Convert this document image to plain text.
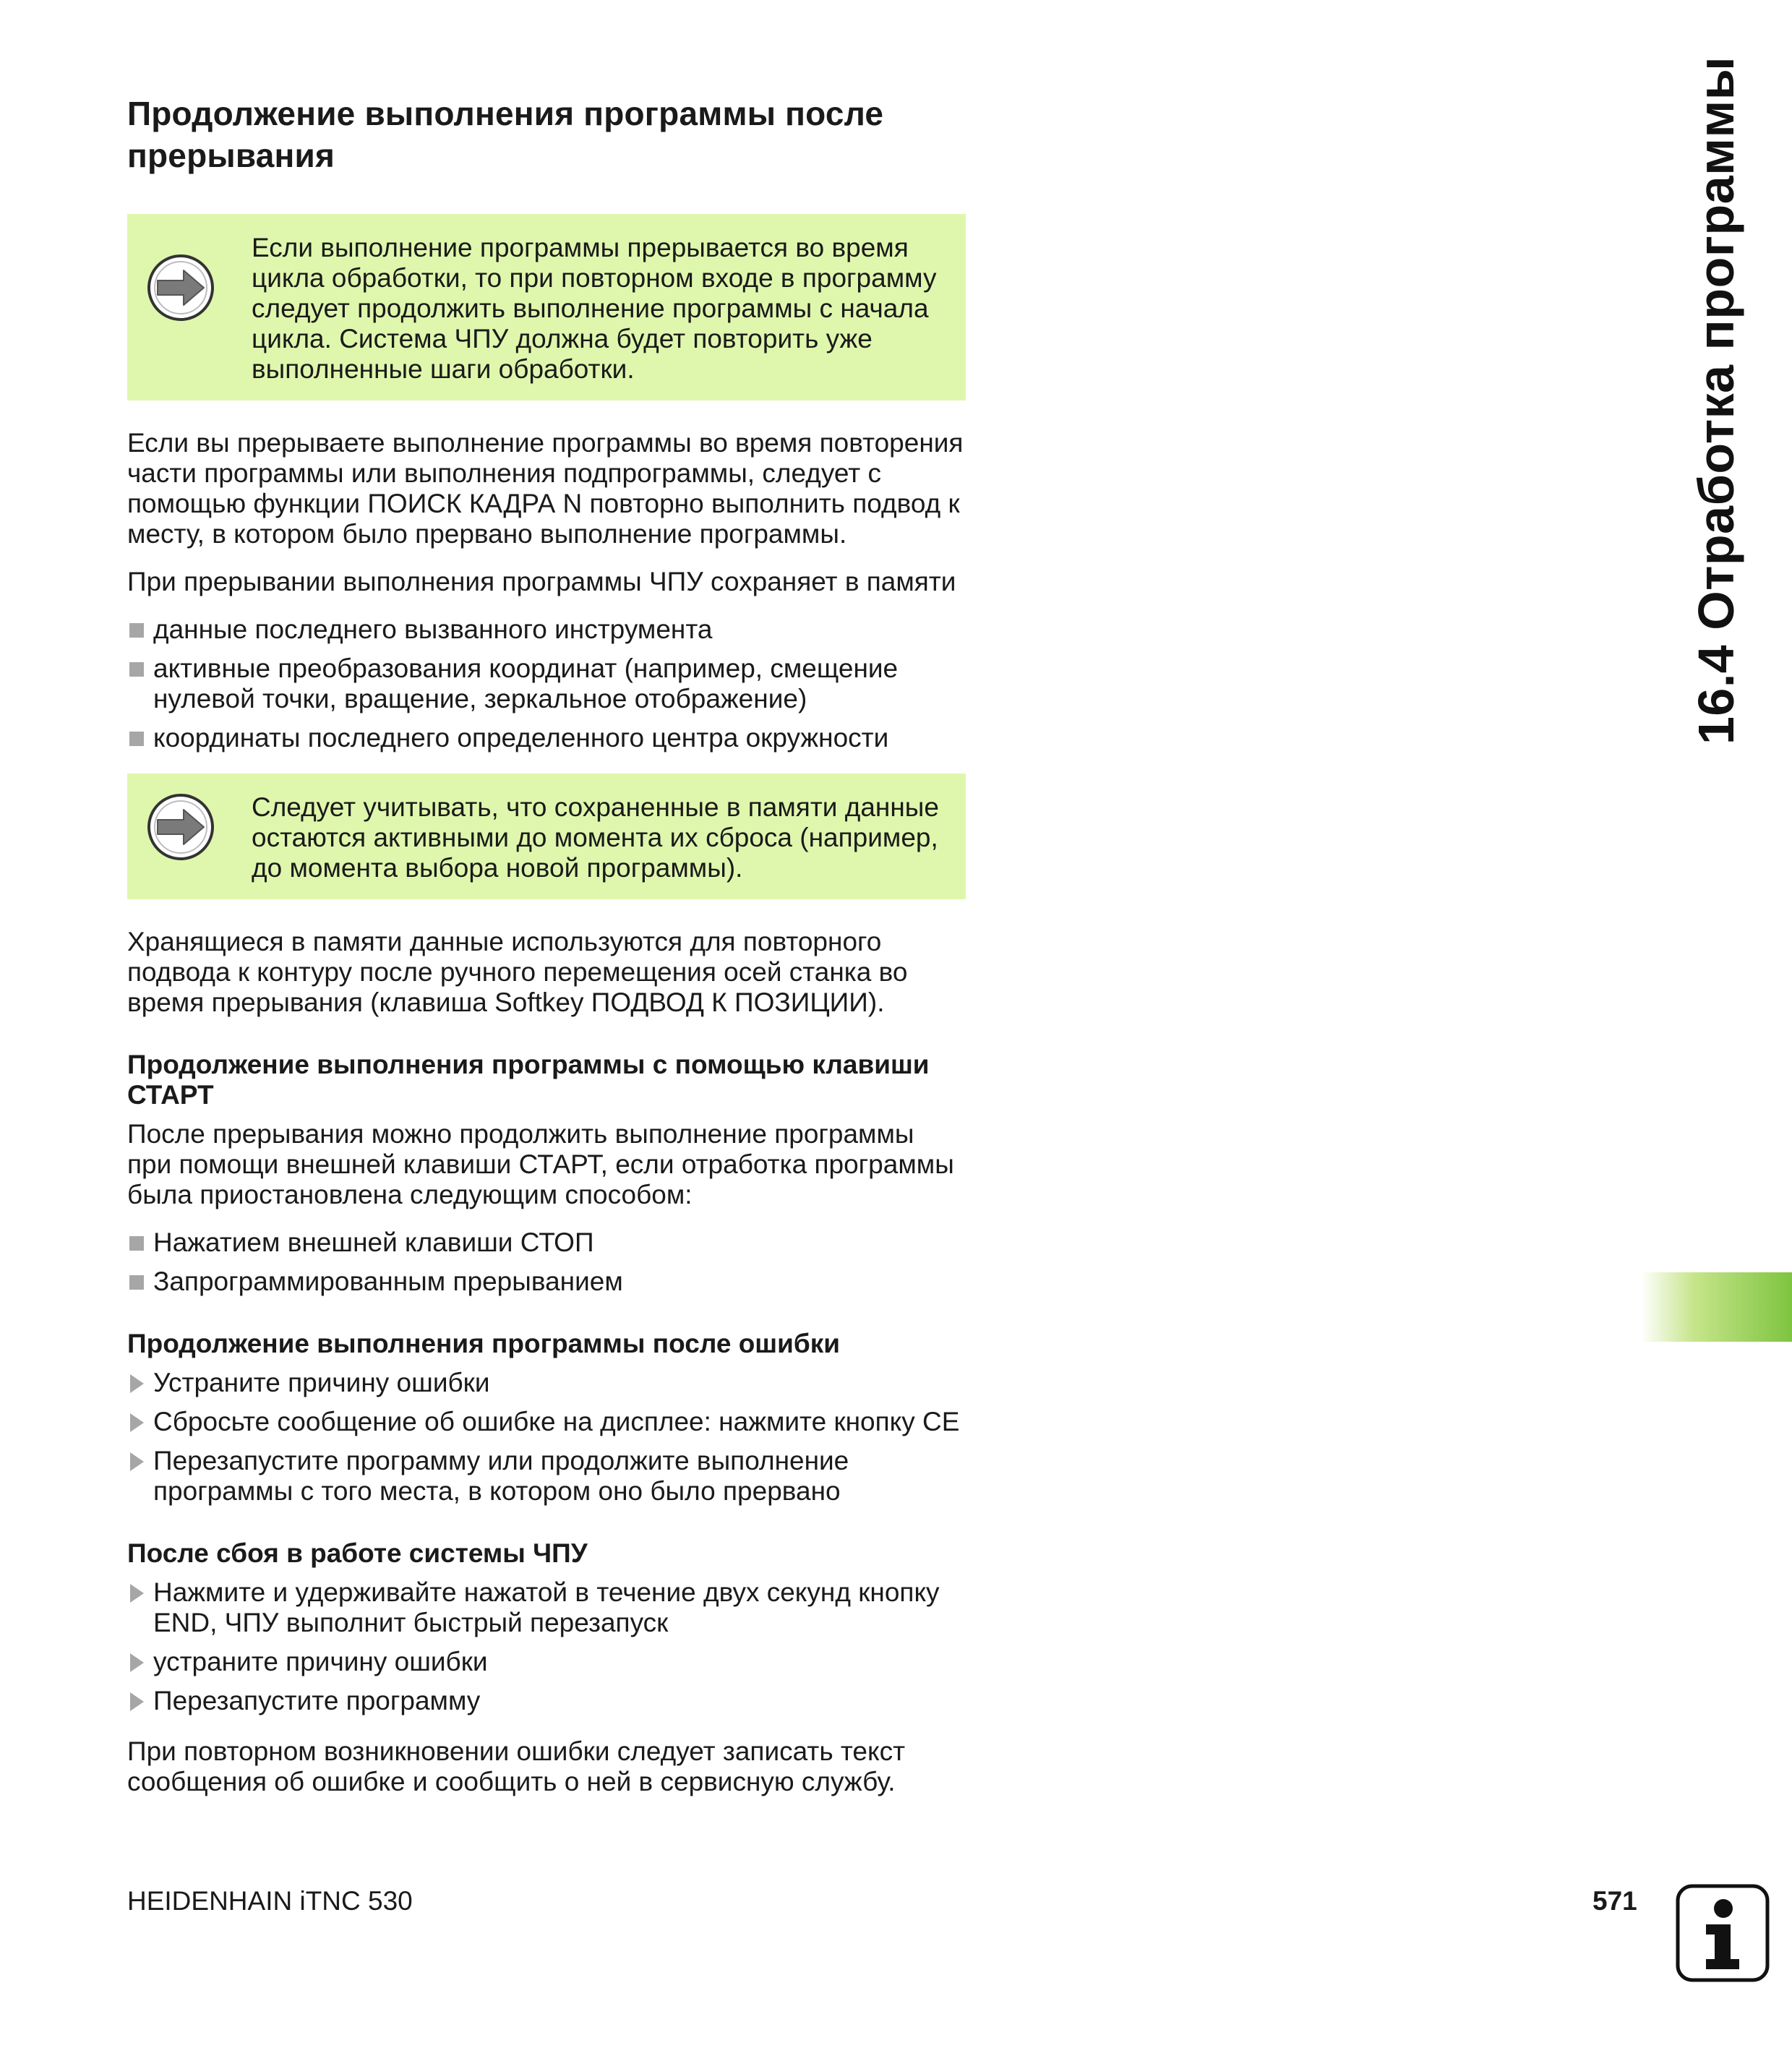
Продолжение выполнения программы после прерывания
Если выполнение программы прерывается во время цикла обработки, то при повторном входе в программу следует продолжить выполнение программы с начала цикла. Система ЧПУ должна будет повторить уже выполненные шаги обработки.

Если вы прерываете выполнение программы во время повторения части программы или выполнения подпрограммы, следует с помощью функции ПОИСК КАДРА N повторно выполнить подвод к месту, в котором было прервано выполнение программы.

При прерывании выполнения программы ЧПУ сохраняет в памяти

данные последнего вызванного инструмента
активные преобразования координат (например, смещение нулевой точки, вращение, зеркальное отображение)
координаты последнего определенного центра окружности
Следует учитывать, что сохраненные в памяти данные остаются активными до момента их сброса (например, до момента выбора новой программы).

Хранящиеся в памяти данные используются для повторного подвода к контуру после ручного перемещения осей станка во время прерывания (клавиша Softkey ПОДВОД К ПОЗИЦИИ).

Продолжение выполнения программы с помощью клавиши СТАРТ

После прерывания можно продолжить выполнение программы при помощи внешней клавиши СТАРТ, если отработка программы была приостановлена следующим способом:

Нажатием внешней клавиши СТОП
Запрограммированным прерыванием
Продолжение выполнения программы после ошибки
Устраните причину ошибки
Сбросьте сообщение об ошибке на дисплее: нажмите кнопку CE
Перезапустите программу или продолжите выполнение программы с того места, в котором оно было прервано
После сбоя в работе системы ЧПУ
Нажмите и удерживайте нажатой в течение двух секунд кнопку END, ЧПУ выполнит быстрый перезапуск
устраните причину ошибки
Перезапустите программу

При повторном возникновении ошибки следует записать текст сообщения об ошибке и сообщить о ней в сервисную службу.

16.4 Отработка программы
HEIDENHAIN iTNC 530	571
